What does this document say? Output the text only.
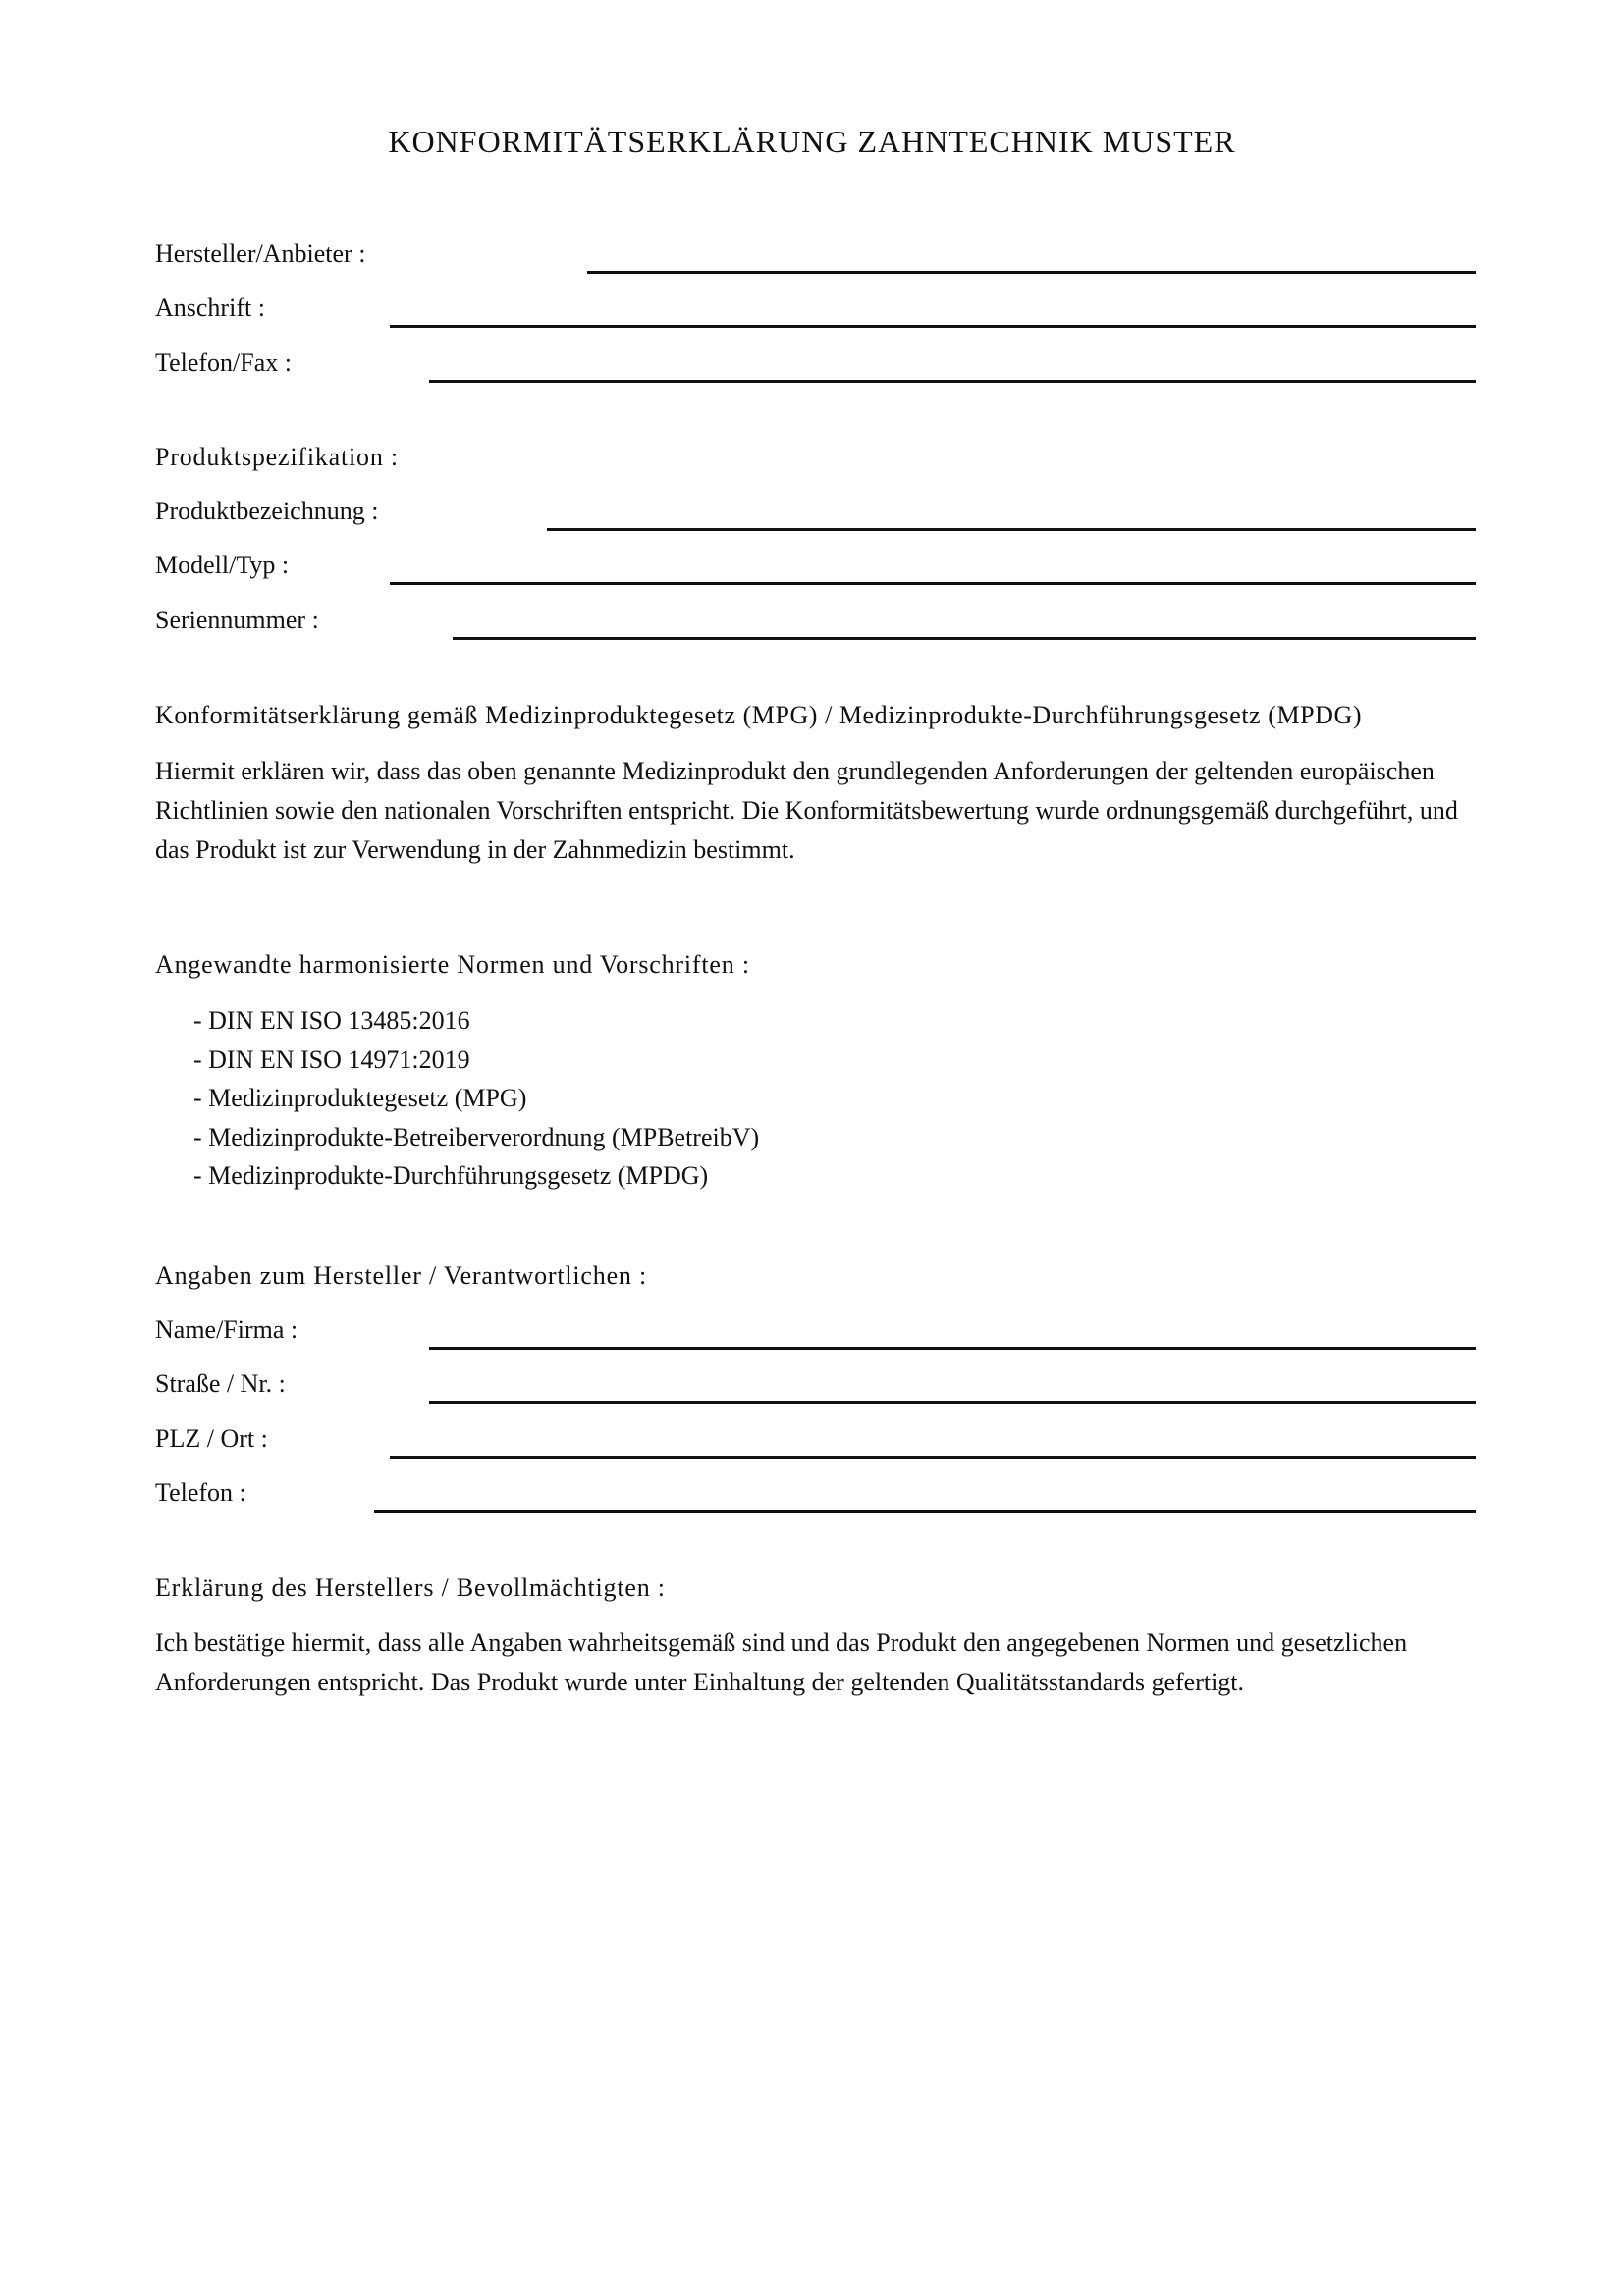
KONFORMITÄTSERKLÄRUNG ZAHNTECHNIK MUSTER
Hersteller/Anbieter :
Anschrift :
Telefon/Fax :
Produktspezifikation :
Produktbezeichnung :
Modell/Typ :
Seriennummer :
Konformitätserklärung gemäß Medizinproduktegesetz (MPG) / Medizinprodukte-Durchführungsgesetz (MPDG)
Hiermit erklären wir, dass das oben genannte Medizinprodukt den grundlegenden Anforderungen der geltenden europäischen Richtlinien sowie den nationalen Vorschriften entspricht. Die Konformitätsbewertung wurde ordnungsgemäß durchgeführt, und das Produkt ist zur Verwendung in der Zahnmedizin bestimmt.
Angewandte harmonisierte Normen und Vorschriften :
- DIN EN ISO 13485:2016
- DIN EN ISO 14971:2019
- Medizinproduktegesetz (MPG)
- Medizinprodukte-Betreiberverordnung (MPBetreibV)
- Medizinprodukte-Durchführungsgesetz (MPDG)
Angaben zum Hersteller / Verantwortlichen :
Name/Firma :
Straße / Nr. :
PLZ / Ort :
Telefon :
Erklärung des Herstellers / Bevollmächtigten :
Ich bestätige hiermit, dass alle Angaben wahrheitsgemäß sind und das Produkt den angegebenen Normen und gesetzlichen Anforderungen entspricht. Das Produkt wurde unter Einhaltung der geltenden Qualitätsstandards gefertigt.
